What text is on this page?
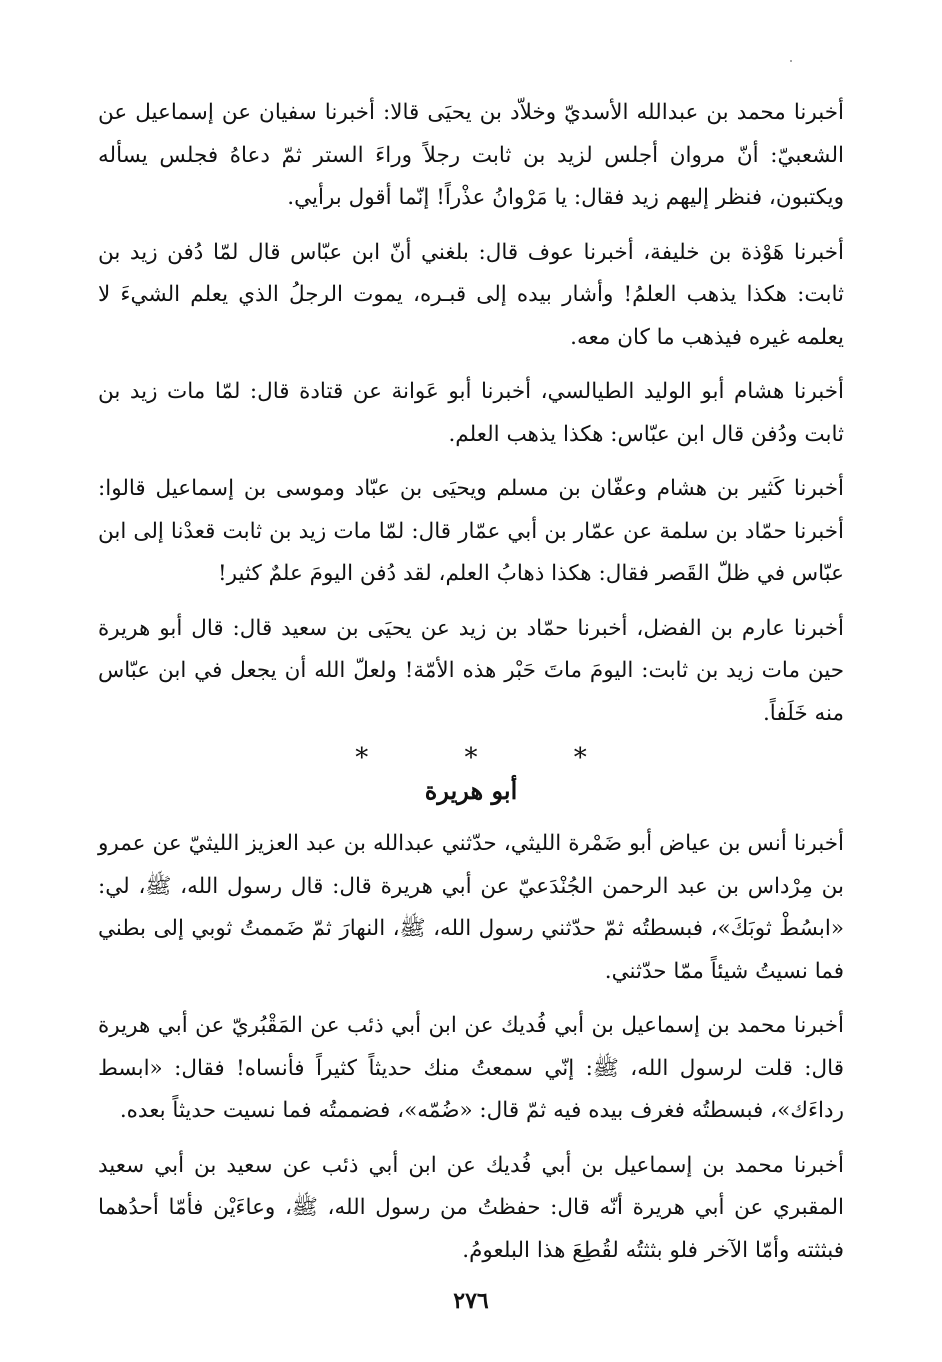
أخبرنا محمد بن عبدالله الأسديّ وخلاّد بن يحيَى قالا: أخبرنا سفيان عن إسماعيل عن الشعبيّ: أنّ مروان أجلس لزيد بن ثابت رجلاً وراءَ الستر ثمّ دعاهُ فجلس يسأله ويكتبون، فنظر إليهم زيد فقال: يا مَرْوانُ عذْراً! إنّما أقول برأيي.

أخبرنا هَوْذة بن خليفة، أخبرنا عوف قال: بلغني أنّ ابن عبّاس قال لمّا دُفن زيد بن ثابت: هكذا يذهب العلمُ! وأشار بيده إلى قبـره، يموت الرجلُ الذي يعلم الشيءَ لا يعلمه غيره فيذهب ما كان معه.

أخبرنا هشام أبو الوليد الطيالسي، أخبرنا أبو عَوانة عن قتادة قال: لمّا مات زيد بن ثابت ودُفن قال ابن عبّاس: هكذا يذهب العلم.

أخبرنا كَثير بن هشام وعفّان بن مسلم ويحيَى بن عبّاد وموسى بن إسماعيل قالوا: أخبرنا حمّاد بن سلمة عن عمّار بن أبي عمّار قال: لمّا مات زيد بن ثابت قعدْنا إلى ابن عبّاس في ظلّ القَصر فقال: هكذا ذهابُ العلم، لقد دُفن اليومَ علمٌ كثير!

أخبرنا عارم بن الفضل، أخبرنا حمّاد بن زيد عن يحيَى بن سعيد قال: قال أبو هريرة حين مات زيد بن ثابت: اليومَ ماتَ حَبْر هذه الأمّة! ولعلّ الله أن يجعل في ابن عبّاس منه خَلَفاً.

* * *
أبو هريرة

أخبرنا أنس بن عياض أبو ضَمْرة الليثي، حدّثني عبدالله بن عبد العزيز الليثيّ عن عمرو بن مِرْداس بن عبد الرحمن الجُنْدَعيّ عن أبي هريرة قال: قال رسول الله، ﷺ، لي: «ابسُطْ ثوبَكَ»، فبسطتُه ثمّ حدّثني رسول الله، ﷺ، النهارَ ثمّ ضَممتُ ثوبي إلى بطني فما نسيتُ شيئاً ممّا حدّثني.

أخبرنا محمد بن إسماعيل بن أبي فُديك عن ابن أبي ذئب عن المَقْبُريّ عن أبي هريرة قال: قلت لرسول الله، ﷺ: إنّي سمعتُ منك حديثاً كثيراً فأنساه! فقال: «ابسط رداءَك»، فبسطتُه فغرف بيده فيه ثمّ قال: «ضُمّه»، فضممتُه فما نسيت حديثاً بعده.

أخبرنا محمد بن إسماعيل بن أبي فُديك عن ابن أبي ذئب عن سعيد بن أبي سعيد المقبري عن أبي هريرة أنّه قال: حفظتُ من رسول الله، ﷺ، وعاءَيْن فأمّا أحدُهما فبثثته وأمّا الآخر فلو بثثتُه لقُطِعَ هذا البلعومُ.

٢٧٦
